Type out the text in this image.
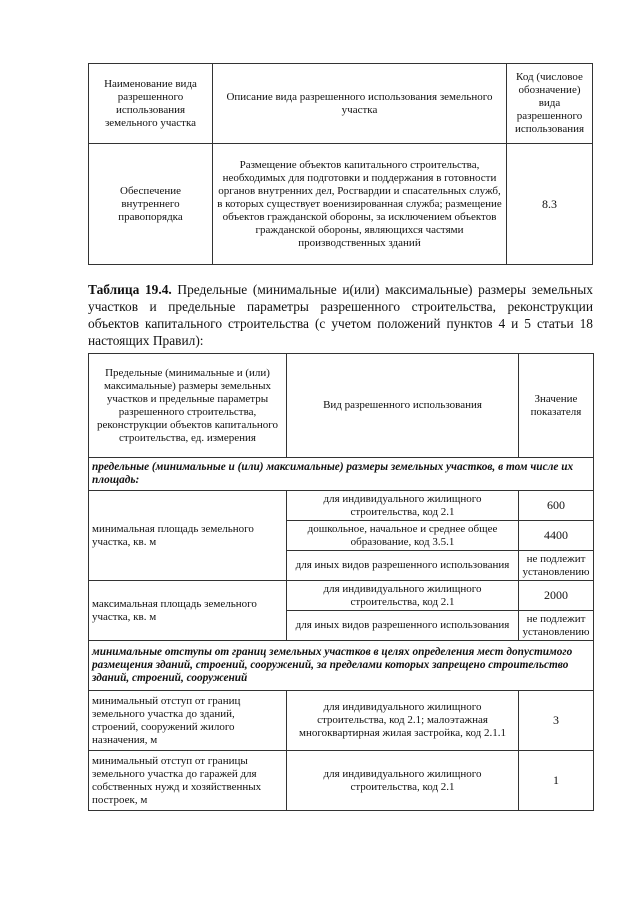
Наименование вида разрешенного использования земельного участка	Описание вида разрешенного использования земельного участка	Код (числовое обозначение) вида разрешенного использования
Обеспечение внутреннего правопорядка	Размещение объектов капитального строительства, необходимых для подготовки и поддержания в готовности органов внутренних дел, Росгвардии и спасательных служб, в которых существует военизированная служба; размещение объектов гражданской обороны, за исключением объектов гражданской обороны, являющихся частями производственных зданий	8.3

Таблица 19.4. Предельные (минимальные и(или) максимальные) размеры земельных участков и предельные параметры разрешенного строительства, реконструкции объектов капитального строительства (с учетом положений пунктов 4 и 5 статьи 18 настоящих Правил):

Предельные (минимальные и (или) максимальные) размеры земельных участков и предельные параметры разрешенного строительства, реконструкции объектов капитального строительства, ед. измерения	Вид разрешенного использования	Значение показателя
предельные (минимальные и (или) максимальные) размеры земельных участков, в том числе их площадь:		
минимальная площадь земельного участка, кв. м	для индивидуального жилищного строительства, код 2.1	600
	дошкольное, начальное и среднее общее образование, код 3.5.1	4400
	для иных видов разрешенного использования	не подлежит установлению
максимальная площадь земельного участка, кв. м	для индивидуального жилищного строительства, код 2.1	2000
	для иных видов разрешенного использования	не подлежит установлению
минимальные отступы от границ земельных участков в целях определения мест допустимого размещения зданий, строений, сооружений, за пределами которых запрещено строительство зданий, строений, сооружений		
минимальный отступ от границ земельного участка до зданий, строений, сооружений жилого назначения, м	для индивидуального жилищного строительства, код 2.1; малоэтажная многоквартирная жилая застройка, код 2.1.1	3
минимальный отступ от границы земельного участка до гаражей для собственных нужд и хозяйственных построек, м	для индивидуального жилищного строительства, код 2.1	1
